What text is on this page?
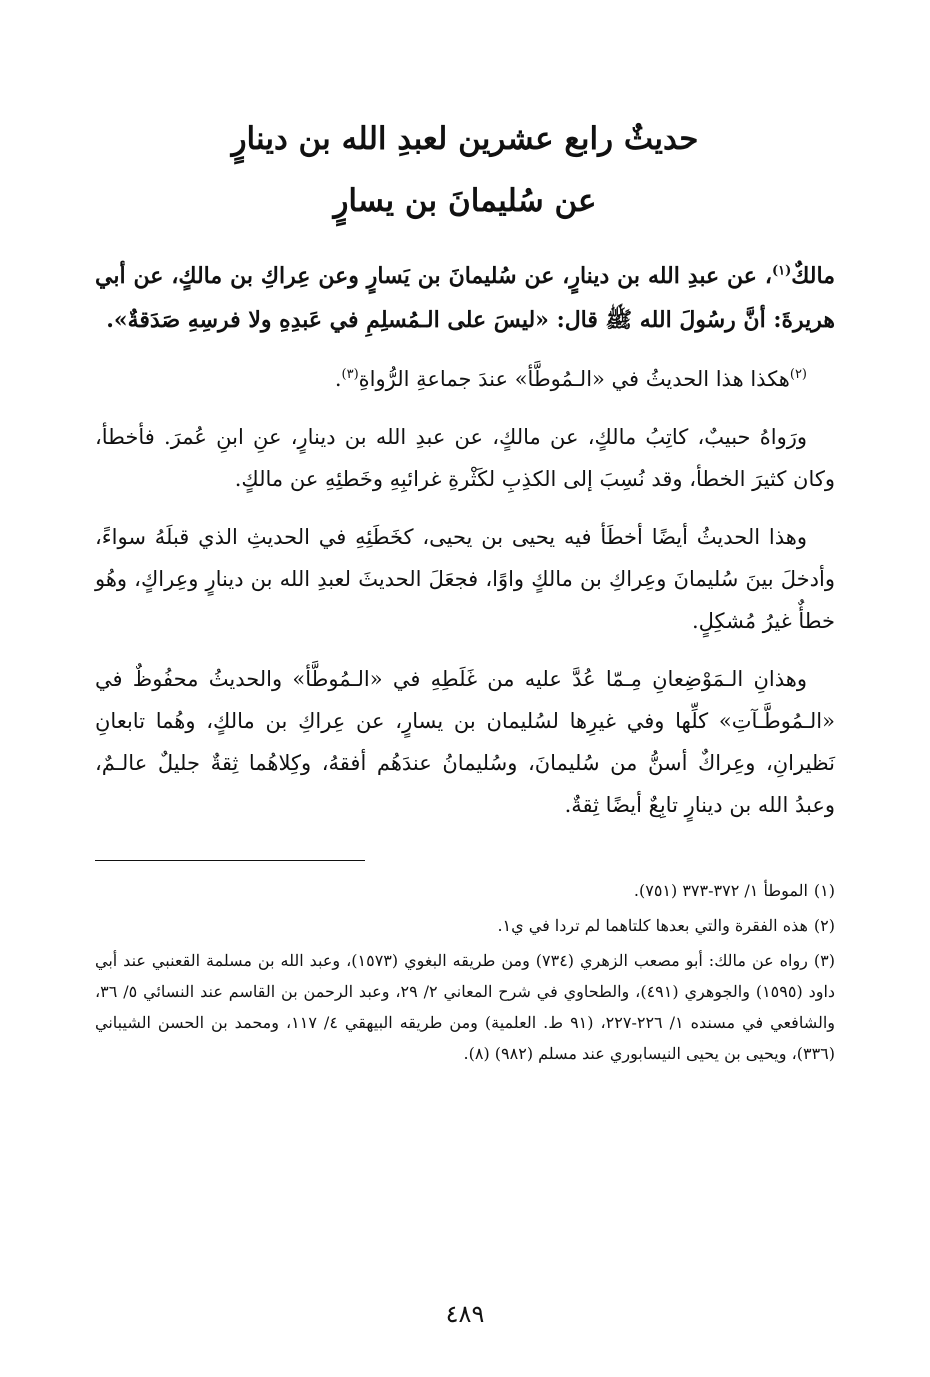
حديثٌ رابع عشرين لعبدِ الله بن دينارٍ

عن سُليمانَ بن يسارٍ

مالكٌ$^{(١)}$، عن عبدِ الله بن دينارٍ، عن سُليمانَ بن يَسارٍ وعن عِراكِ بن مالكٍ، عن أبي هريرةَ: أنَّ رسُولَ الله ﷺ قال: «ليسَ على الـمُسلِمِ في عَبدِهِ ولا فرسِهِ صَدَقةٌ».

$^{(٢)}$هكذا هذا الحديثُ في «الـمُوطَّأ» عندَ جماعةِ الرُّواةِ$^{(٣)}$.

ورَواهُ حبيبٌ، كاتِبُ مالكٍ، عن مالكٍ، عن عبدِ الله بن دينارٍ، عنِ ابنِ عُمرَ. فأخطأ، وكان كثيرَ الخطأ، وقد نُسِبَ إلى الكذِبِ لكَثْرةِ غرائبِهِ وخَطئِهِ عن مالكٍ.

وهذا الحديثُ أيضًا أخطَأ فيه يحيى بن يحيى، كخَطَئِهِ في الحديثِ الذي قبلَهُ سواءً، وأدخلَ بينَ سُليمانَ وعِراكِ بن مالكٍ واوًا، فجعَلَ الحديثَ لعبدِ الله بن دينارٍ وعِراكٍ، وهُو خطأٌ غيرُ مُشكِلٍ.

وهذانِ الـمَوْضِعانِ مِـمّا عُدَّ عليه من غَلَطِهِ في «الـمُوطَّأ» والحديثُ محفُوظٌ في «الـمُوطَّـآتِ» كلِّها وفي غيرِها لسُليمان بن يسارٍ، عن عِراكِ بن مالكٍ، وهُما تابعانِ نَظيرانِ، وعِراكٌ أسنُّ من سُليمانَ، وسُليمانُ عندَهُم أفقهُ، وكِلاهُما ثِقةٌ جليلٌ عالـمٌ، وعبدُ الله بن دينارٍ تابِعٌ أيضًا ثِقةٌ.

(١)الموطأ ١/ ٣٧٢-٣٧٣ (٧٥١).

(٢)هذه الفقرة والتي بعدها كلتاهما لم تردا في ي١.

(٣)رواه عن مالك: أبو مصعب الزهري (٧٣٤) ومن طريقه البغوي (١٥٧٣)، وعبد الله بن مسلمة القعنبي عند أبي داود (١٥٩٥) والجوهري (٤٩١)، والطحاوي في شرح المعاني ٢/ ٢٩، وعبد الرحمن بن القاسم عند النسائي ٥/ ٣٦، والشافعي في مسنده ١/ ٢٢٦-٢٢٧، (٩١ ط. العلمية) ومن طريقه البيهقي ٤/ ١١٧، ومحمد بن الحسن الشيباني (٣٣٦)، ويحيى بن يحيى النيسابوري عند مسلم (٩٨٢) (٨).

٤٨٩
